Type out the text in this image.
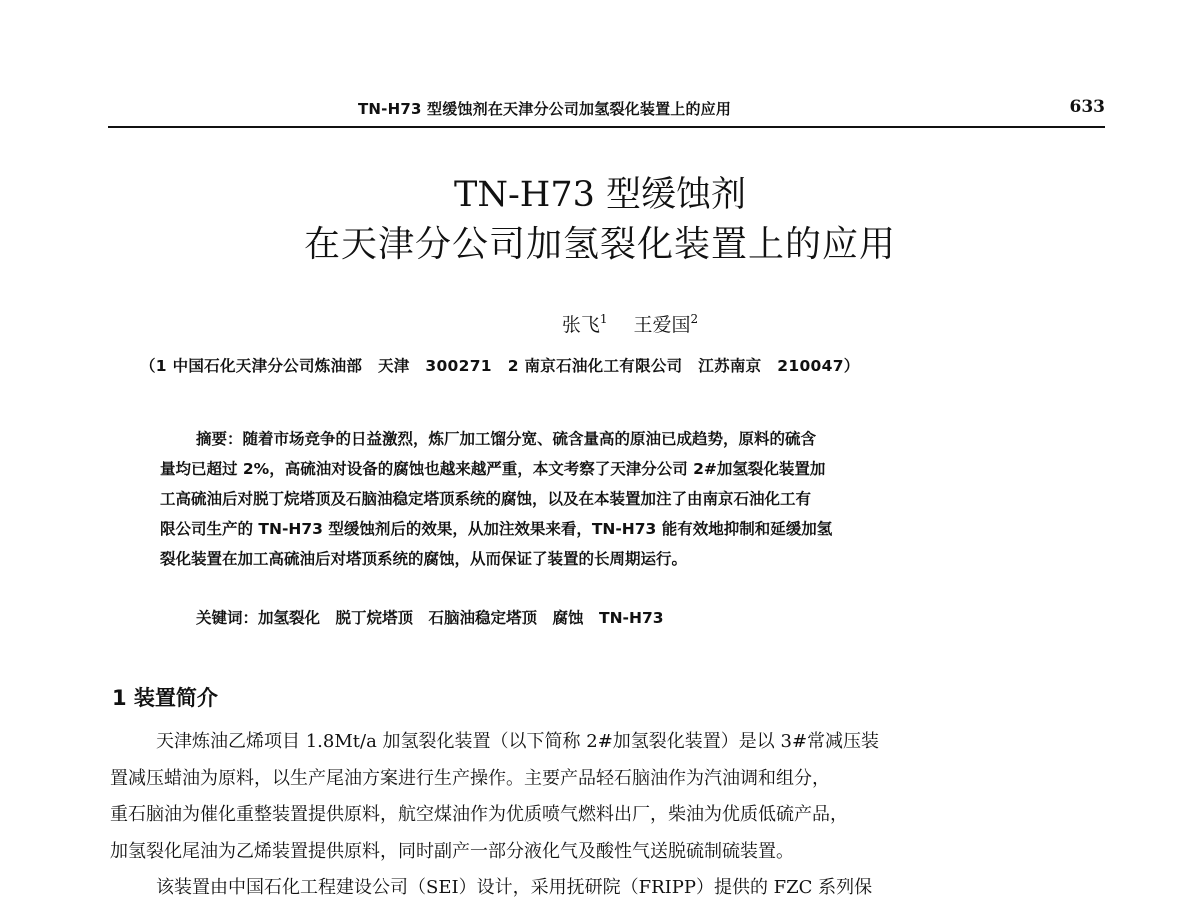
TN-H73 型缓蚀剂在天津分公司加氢裂化装置上的应用	633
TN-H73 型缓蚀剂
在天津分公司加氢裂化装置上的应用
张飞$^1$ 王爱国$^2$
（1 中国石化天津分公司炼油部　天津　300271　2 南京石油化工有限公司　江苏南京　210047）
摘要：随着市场竞争的日益激烈，炼厂加工馏分宽、硫含量高的原油已成趋势，原料的硫含
量均已超过 2%，高硫油对设备的腐蚀也越来越严重，本文考察了天津分公司 2#加氢裂化装置加
工高硫油后对脱丁烷塔顶及石脑油稳定塔顶系统的腐蚀，以及在本装置加注了由南京石油化工有
限公司生产的 TN-H73 型缓蚀剂后的效果，从加注效果来看，TN-H73 能有效地抑制和延缓加氢
裂化装置在加工高硫油后对塔顶系统的腐蚀，从而保证了装置的长周期运行。
关键词：加氢裂化　脱丁烷塔顶　石脑油稳定塔顶　腐蚀　TN-H73
1 装置简介
天津炼油乙烯项目 1.8Mt/a 加氢裂化装置（以下简称 2#加氢裂化装置）是以 3#常减压装
置减压蜡油为原料，以生产尾油方案进行生产操作。主要产品轻石脑油作为汽油调和组分，
重石脑油为催化重整装置提供原料，航空煤油作为优质喷气燃料出厂，柴油为优质低硫产品，
加氢裂化尾油为乙烯装置提供原料，同时副产一部分液化气及酸性气送脱硫制硫装置。
该装置由中国石化工程建设公司（SEI）设计，采用抚研院（FRIPP）提供的 FZC 系列保
